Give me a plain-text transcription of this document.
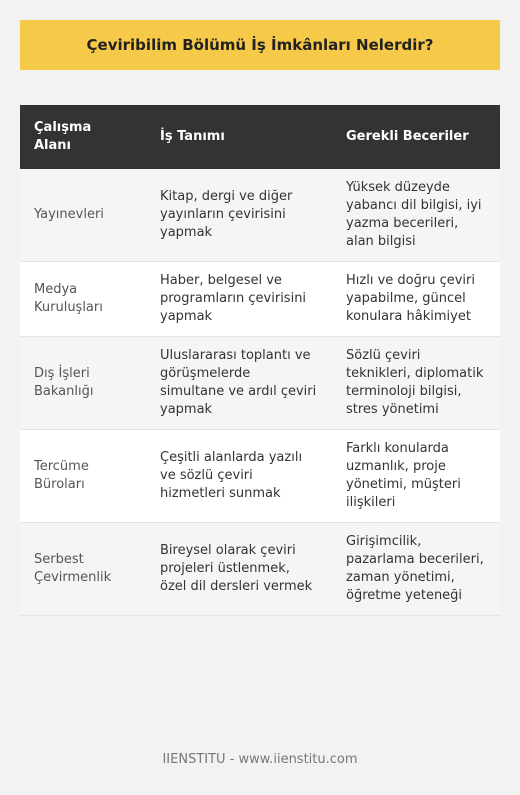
Çeviribilim Bölümü İş İmkânları Nelerdir?
Çalışma Alanı	İş Tanımı	Gerekli Beceriler
Yayınevleri	Kitap, dergi ve diğer yayınların çevirisini yapmak	Yüksek düzeyde yabancı dil bilgisi, iyi yazma becerileri, alan bilgisi
Medya Kuruluşları	Haber, belgesel ve programların çevirisini yapmak	Hızlı ve doğru çeviri yapabilme, güncel konulara hâkimiyet
Dış İşleri Bakanlığı	Uluslararası toplantı ve görüşmelerde simultane ve ardıl çeviri yapmak	Sözlü çeviri teknikleri, diplomatik terminoloji bilgisi, stres yönetimi
Tercüme Büroları	Çeşitli alanlarda yazılı ve sözlü çeviri hizmetleri sunmak	Farklı konularda uzmanlık, proje yönetimi, müşteri ilişkileri
Serbest Çevirmenlik	Bireysel olarak çeviri projeleri üstlenmek, özel dil dersleri vermek	Girişimcilik, pazarlama becerileri, zaman yönetimi, öğretme yeteneği
IIENSTITU - www.iienstitu.com
